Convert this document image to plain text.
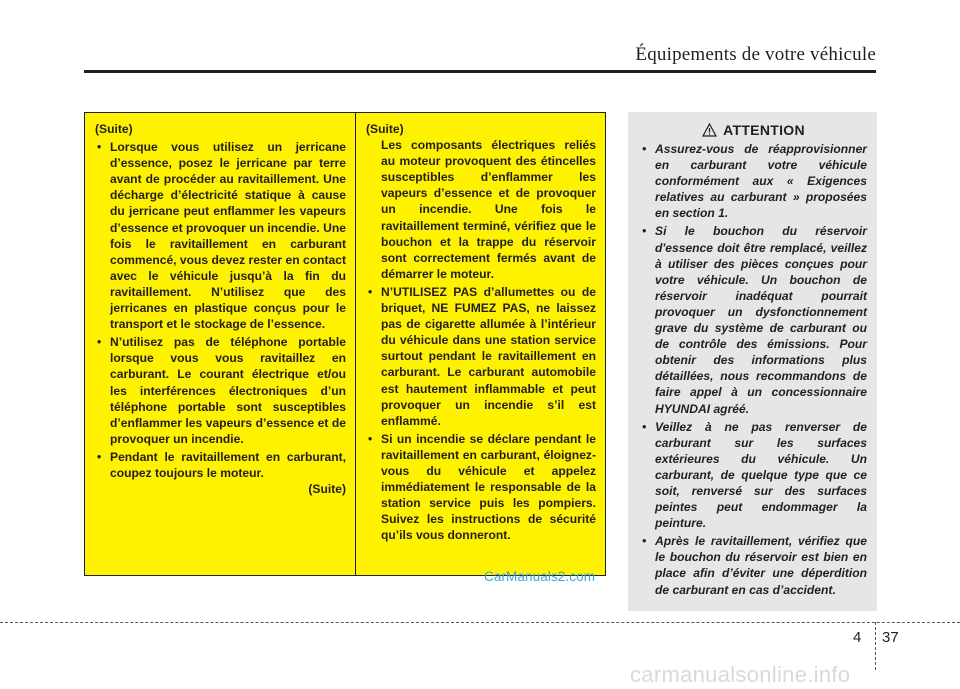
Équipements de votre véhicule

(Suite)

• Lorsque vous utilisez un jerricane d’essence, posez le jerricane par terre avant de procéder au ravitaillement. Une décharge d’électricité statique à cause du jerricane peut enflammer les vapeurs d’essence et provoquer un incendie. Une fois le ravitaillement en carburant commencé, vous devez rester en contact avec le véhicule jusqu’à la fin du ravitaillement. N’utilisez que des jerricanes en plastique conçus pour le transport et le stockage de l’essence.
• N’utilisez pas de téléphone portable lorsque vous vous ravitaillez en carburant. Le courant électrique et/ou les interférences électroniques d’un téléphone portable sont susceptibles d’enflammer les vapeurs d’essence et de provoquer un incendie.
• Pendant le ravitaillement en carburant, coupez toujours le moteur.

(Suite)

(Suite)

Les composants électriques reliés au moteur provoquent des étincelles susceptibles d’enflammer les vapeurs d’essence et de provoquer un incendie. Une fois le ravitaillement terminé, vérifiez que le bouchon et la trappe du réservoir sont correctement fermés avant de démarrer le moteur.

• N’UTILISEZ PAS d’allumettes ou de briquet, NE FUMEZ PAS, ne laissez pas de cigarette allumée à l’intérieur du véhicule dans une station service surtout pendant le ravitaillement en carburant. Le carburant automobile est hautement inflammable et peut provoquer un incendie s’il est enflammé.
• Si un incendie se déclare pendant le ravitaillement en carburant, éloignez-vous du véhicule et appelez immédiatement le responsable de la station service puis les pompiers. Suivez les instructions de sécurité qu’ils vous donneront.
ATTENTION
• Assurez-vous de réapprovisionner en carburant votre véhicule conformément aux « Exigences relatives au carburant » proposées en section 1.
• Si le bouchon du réservoir d'essence doit être remplacé, veillez à utiliser des pièces conçues pour votre véhicule. Un bouchon de réservoir inadéquat pourrait provoquer un dysfonctionnement grave du système de carburant ou de contrôle des émissions. Pour obtenir des informations plus détaillées, nous recommandons de faire appel à un concessionnaire HYUNDAI agréé.
• Veillez à ne pas renverser de carburant sur les surfaces extérieures du véhicule. Un carburant, de quelque type que ce soit, renversé sur des surfaces peintes peut endommager la peinture.
• Après le ravitaillement, vérifiez que le bouchon du réservoir est bien en place afin d’éviter une déperdition de carburant en cas d’accident.
CarManuals2.com
4 37
carmanualsonline.info
